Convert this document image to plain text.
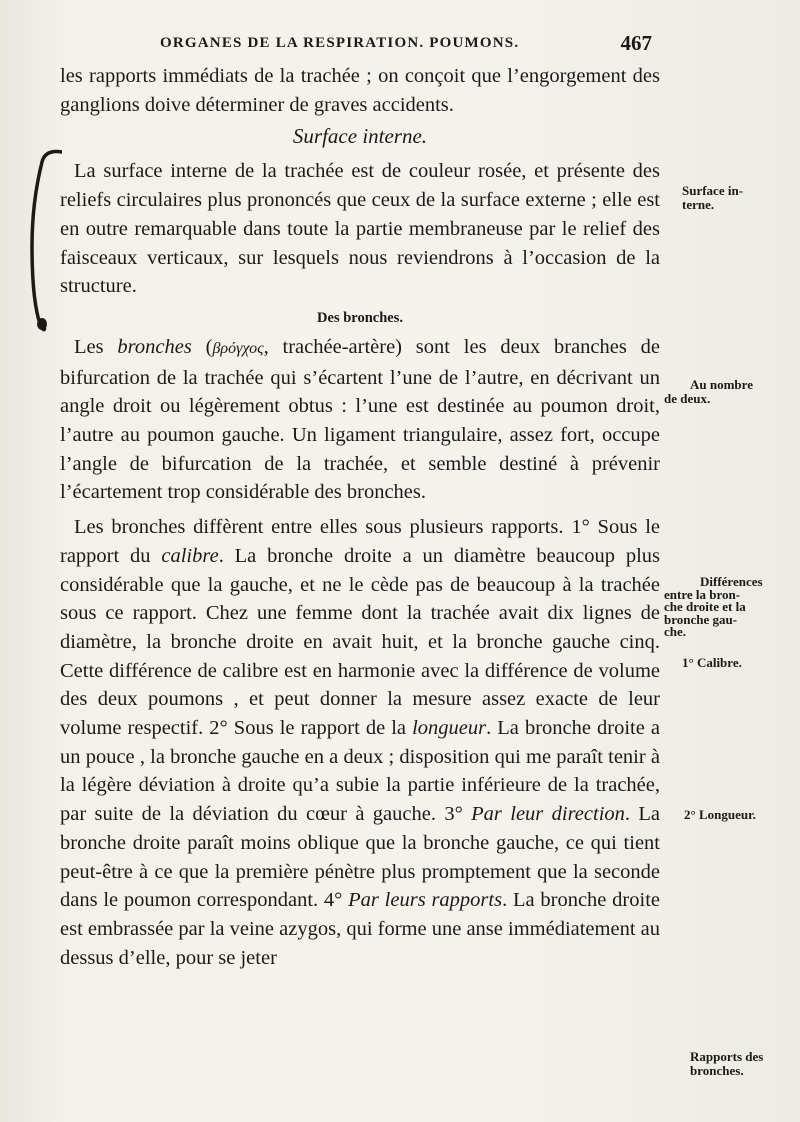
ORGANES DE LA RESPIRATION. POUMONS.	467

les rapports immédiats de la trachée ; on conçoit que l’engorgement des ganglions doive déterminer de graves accidents.

Surface interne.

La surface interne de la trachée est de couleur rosée, et présente des reliefs circulaires plus prononcés que ceux de la surface externe ; elle est en outre remarquable dans toute la partie membraneuse par le relief des faisceaux verticaux, sur lesquels nous reviendrons à l’occasion de la structure.

Des bronches.

Les bronches (βρόγχος, trachée-artère) sont les deux branches de bifurcation de la trachée qui s’écartent l’une de l’autre, en décrivant un angle droit ou légèrement obtus : l’une est destinée au poumon droit, l’autre au poumon gauche. Un ligament triangulaire, assez fort, occupe l’angle de bifurcation de la trachée, et semble destiné à prévenir l’écartement trop considérable des bronches.

Les bronches diffèrent entre elles sous plusieurs rapports. 1° Sous le rapport du calibre. La bronche droite a un diamètre beaucoup plus considérable que la gauche, et ne le cède pas de beaucoup à la trachée sous ce rapport. Chez une femme dont la trachée avait dix lignes de diamètre, la bronche droite en avait huit, et la bronche gauche cinq. Cette différence de calibre est en harmonie avec la différence de volume des deux poumons , et peut donner la mesure assez exacte de leur volume respectif. 2° Sous le rapport de la longueur. La bronche droite a un pouce , la bronche gauche en a deux ; disposition qui me paraît tenir à la légère déviation à droite qu’a subie la partie inférieure de la trachée, par suite de la déviation du cœur à gauche. 3° Par leur direction. La bronche droite paraît moins oblique que la bronche gauche, ce qui tient peut-être à ce que la première pénètre plus promptement que la seconde dans le poumon correspondant. 4° Par leurs rapports. La bronche droite est embrassée par la veine azygos, qui forme une anse immédiatement au dessus d’elle, pour se jeter

Surface in-
terne.
Au nombre
de deux.
Différences
entre la bron-
che droite et la
bronche gau-
che.
1° Calibre.
2° Longueur.
Rapports des
bronches.
